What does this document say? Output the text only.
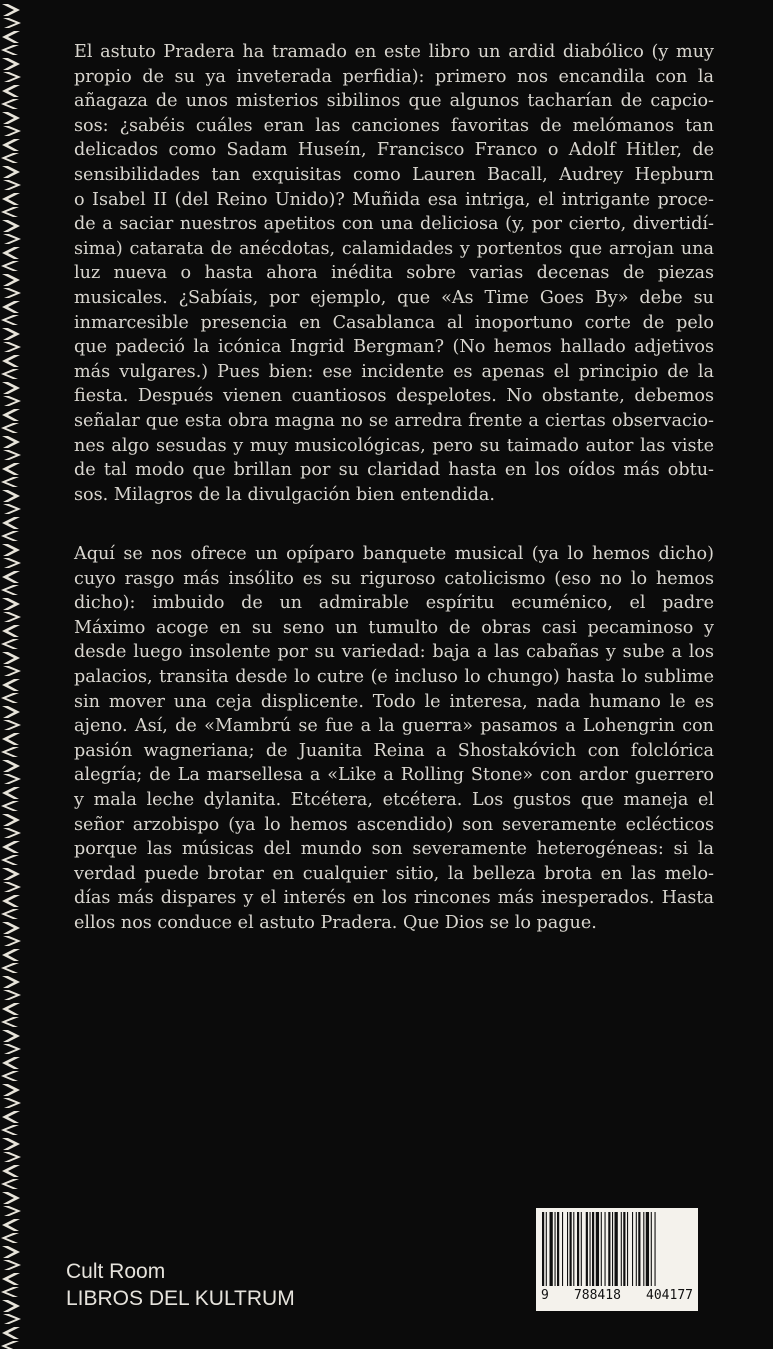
El astuto Pradera ha tramado en este libro un ardid diabólico (y muy
propio de su ya inveterada perfidia): primero nos encandila con la
añagaza de unos misterios sibilinos que algunos tacharían de capcio-
sos: ¿sabéis cuáles eran las canciones favoritas de melómanos tan
delicados como Sadam Huseín, Francisco Franco o Adolf Hitler, de
sensibilidades tan exquisitas como Lauren Bacall, Audrey Hepburn
o Isabel II (del Reino Unido)? Muñida esa intriga, el intrigante proce-
de a saciar nuestros apetitos con una deliciosa (y, por cierto, divertidí-
sima) catarata de anécdotas, calamidades y portentos que arrojan una
luz nueva o hasta ahora inédita sobre varias decenas de piezas
musicales. ¿Sabíais, por ejemplo, que «As Time Goes By» debe su
inmarcesible presencia en Casablanca al inoportuno corte de pelo
que padeció la icónica Ingrid Bergman? (No hemos hallado adjetivos
más vulgares.) Pues bien: ese incidente es apenas el principio de la
fiesta. Después vienen cuantiosos despelotes. No obstante, debemos
señalar que esta obra magna no se arredra frente a ciertas observacio-
nes algo sesudas y muy musicológicas, pero su taimado autor las viste
de tal modo que brillan por su claridad hasta en los oídos más obtu-
sos. Milagros de la divulgación bien entendida.
Aquí se nos ofrece un opíparo banquete musical (ya lo hemos dicho)
cuyo rasgo más insólito es su riguroso catolicismo (eso no lo hemos
dicho): imbuido de un admirable espíritu ecuménico, el padre
Máximo acoge en su seno un tumulto de obras casi pecaminoso y
desde luego insolente por su variedad: baja a las cabañas y sube a los
palacios, transita desde lo cutre (e incluso lo chungo) hasta lo sublime
sin mover una ceja displicente. Todo le interesa, nada humano le es
ajeno. Así, de «Mambrú se fue a la guerra» pasamos a Lohengrin con
pasión wagneriana; de Juanita Reina a Shostakóvich con folclórica
alegría; de La marsellesa a «Like a Rolling Stone» con ardor guerrero
y mala leche dylanita. Etcétera, etcétera. Los gustos que maneja el
señor arzobispo (ya lo hemos ascendido) son severamente eclécticos
porque las músicas del mundo son severamente heterogéneas: si la
verdad puede brotar en cualquier sitio, la belleza brota en las melo-
días más dispares y el interés en los rincones más inesperados. Hasta
ellos nos conduce el astuto Pradera. Que Dios se lo pague.
Cult Room
LIBROS DEL KULTRUM	9 788418 404177
